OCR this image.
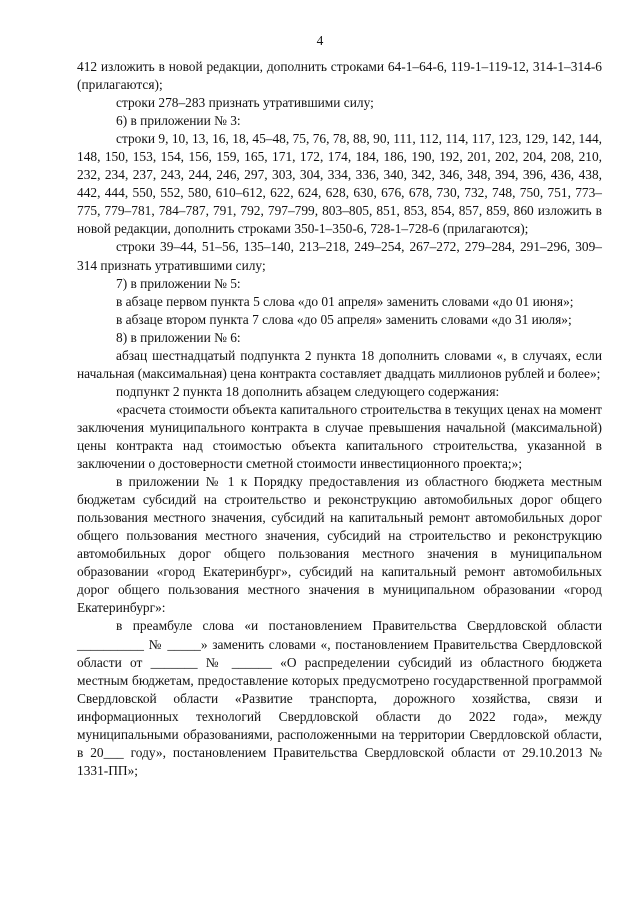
4

412 изложить в новой редакции, дополнить строками 64-1–64-6, 119-1–119-12, 314-1–314-6 (прилагаются);

строки 278–283 признать утратившими силу;

6) в приложении № 3:

строки 9, 10, 13, 16, 18, 45–48, 75, 76, 78, 88, 90, 111, 112, 114, 117, 123, 129, 142, 144, 148, 150, 153, 154, 156, 159, 165, 171, 172, 174, 184, 186, 190, 192, 201, 202, 204, 208, 210, 232, 234, 237, 243, 244, 246, 297, 303, 304, 334, 336, 340, 342, 346, 348, 394, 396, 436, 438, 442, 444, 550, 552, 580, 610–612, 622, 624, 628, 630, 676, 678, 730, 732, 748, 750, 751, 773–775, 779–781, 784–787, 791, 792, 797–799, 803–805, 851, 853, 854, 857, 859, 860 изложить в новой редакции, дополнить строками 350-1–350-6, 728-1–728-6 (прилагаются);

строки 39–44, 51–56, 135–140, 213–218, 249–254, 267–272, 279–284, 291–296, 309–314 признать утратившими силу;

7) в приложении № 5:

в абзаце первом пункта 5 слова «до 01 апреля» заменить словами «до 01 июня»;

в абзаце втором пункта 7 слова «до 05 апреля» заменить словами «до 31 июля»;

8) в приложении № 6:

абзац шестнадцатый подпункта 2 пункта 18 дополнить словами «, в случаях, если начальная (максимальная) цена контракта составляет двадцать миллионов рублей и более»;

подпункт 2 пункта 18 дополнить абзацем следующего содержания:

«расчета стоимости объекта капитального строительства в текущих ценах на момент заключения муниципального контракта в случае превышения начальной (максимальной) цены контракта над стоимостью объекта капитального строительства, указанной в заключении о достоверности сметной стоимости инвестиционного проекта;»;

в приложении № 1 к Порядку предоставления из областного бюджета местным бюджетам субсидий на строительство и реконструкцию автомобильных дорог общего пользования местного значения, субсидий на капитальный ремонт автомобильных дорог общего пользования местного значения, субсидий на строительство и реконструкцию автомобильных дорог общего пользования местного значения в муниципальном образовании «город Екатеринбург», субсидий на капитальный ремонт автомобильных дорог общего пользования местного значения в муниципальном образовании «город Екатеринбург»:

в преамбуле слова «и постановлением Правительства Свердловской области __________ № _____» заменить словами «, постановлением Правительства Свердловской области от _______ № ______ «О распределении субсидий из областного бюджета местным бюджетам, предоставление которых предусмотрено государственной программой Свердловской области «Развитие транспорта, дорожного хозяйства, связи и информационных технологий Свердловской области до 2022 года», между муниципальными образованиями, расположенными на территории Свердловской области, в 20___ году», постановлением Правительства Свердловской области от 29.10.2013 № 1331-ПП»;
